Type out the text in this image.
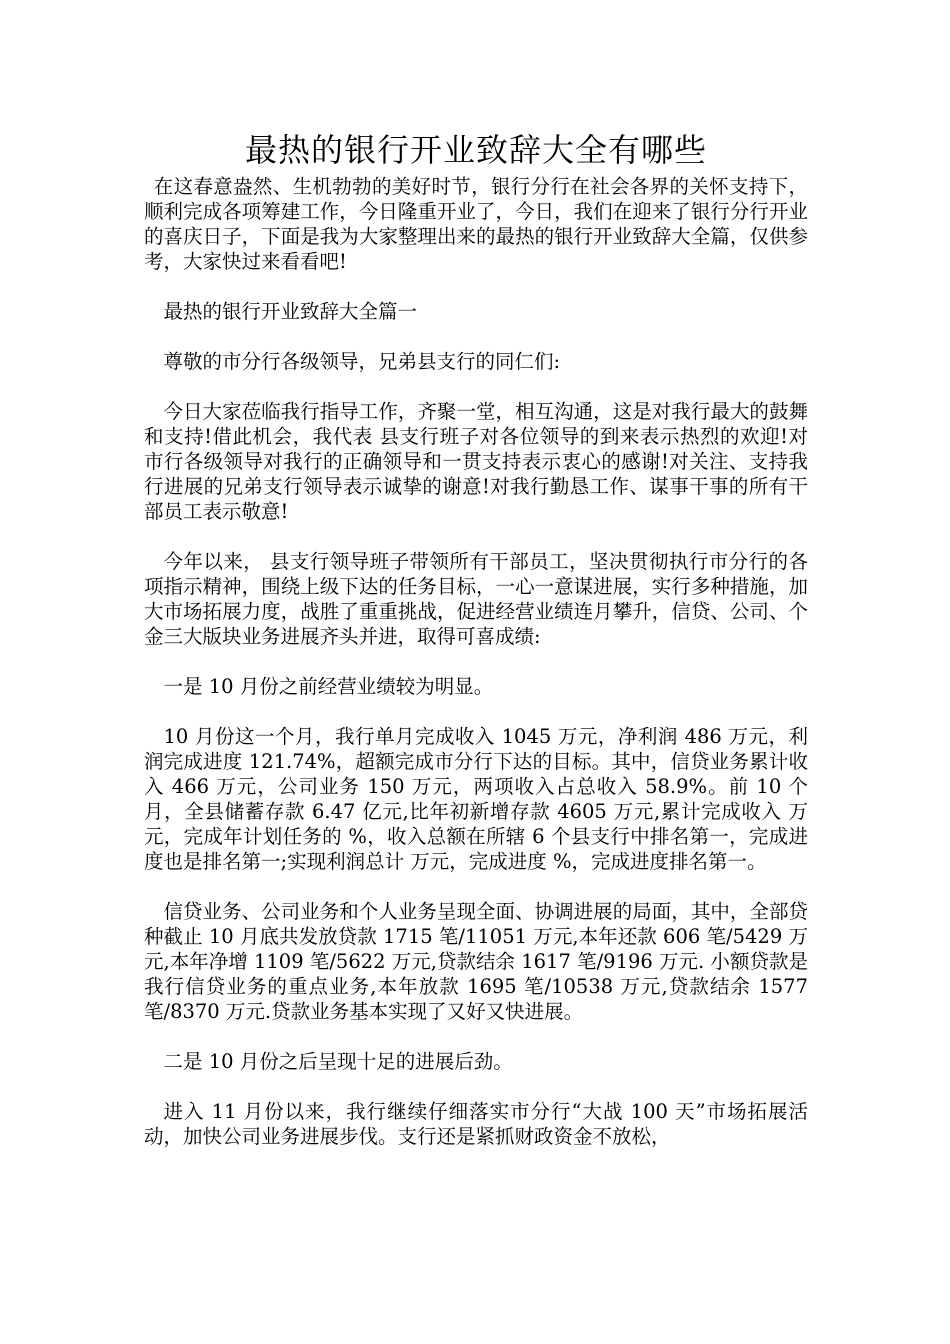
最热的银行开业致辞大全有哪些

在这春意盎然、生机勃勃的美好时节，银行分行在社会各界的关怀支持下，顺利完成各项筹建工作，今日隆重开业了，今日，我们在迎来了银行分行开业的喜庆日子，下面是我为大家整理出来的最热的银行开业致辞大全篇，仅供参考，大家快过来看看吧!

最热的银行开业致辞大全篇一

尊敬的市分行各级领导，兄弟县支行的同仁们:

今日大家莅临我行指导工作，齐聚一堂，相互沟通，这是对我行最大的鼓舞和支持!借此机会，我代表 县支行班子对各位领导的到来表示热烈的欢迎!对市行各级领导对我行的正确领导和一贯支持表示衷心的感谢!对关注、支持我行进展的兄弟支行领导表示诚挚的谢意!对我行勤恳工作、谋事干事的所有干部员工表示敬意!

今年以来， 县支行领导班子带领所有干部员工，坚决贯彻执行市分行的各项指示精神，围绕上级下达的任务目标，一心一意谋进展，实行多种措施，加大市场拓展力度，战胜了重重挑战，促进经营业绩连月攀升，信贷、公司、个金三大版块业务进展齐头并进，取得可喜成绩:

一是 10 月份之前经营业绩较为明显。

10 月份这一个月，我行单月完成收入 1045 万元，净利润 486 万元，利润完成进度 121.74%，超额完成市分行下达的目标。其中，信贷业务累计收入 466 万元，公司业务 150 万元，两项收入占总收入 58.9%。前 10 个月，全县储蓄存款 6.47 亿元,比年初新增存款 4605 万元,累计完成收入 万元，完成年计划任务的 %，收入总额在所辖 6 个县支行中排名第一，完成进度也是排名第一;实现利润总计 万元，完成进度 %，完成进度排名第一。

信贷业务、公司业务和个人业务呈现全面、协调进展的局面，其中，全部贷种截止 10 月底共发放贷款 1715 笔/11051 万元,本年还款 606 笔/5429 万元,本年净增 1109 笔/5622 万元,贷款结余 1617 笔/9196 万元. 小额贷款是我行信贷业务的重点业务,本年放款 1695 笔/10538 万元,贷款结余 1577 笔/8370 万元.贷款业务基本实现了又好又快进展。

二是 10 月份之后呈现十足的进展后劲。

进入 11 月份以来，我行继续仔细落实市分行“大战 100 天”市场拓展活动，加快公司业务进展步伐。支行还是紧抓财政资金不放松，
